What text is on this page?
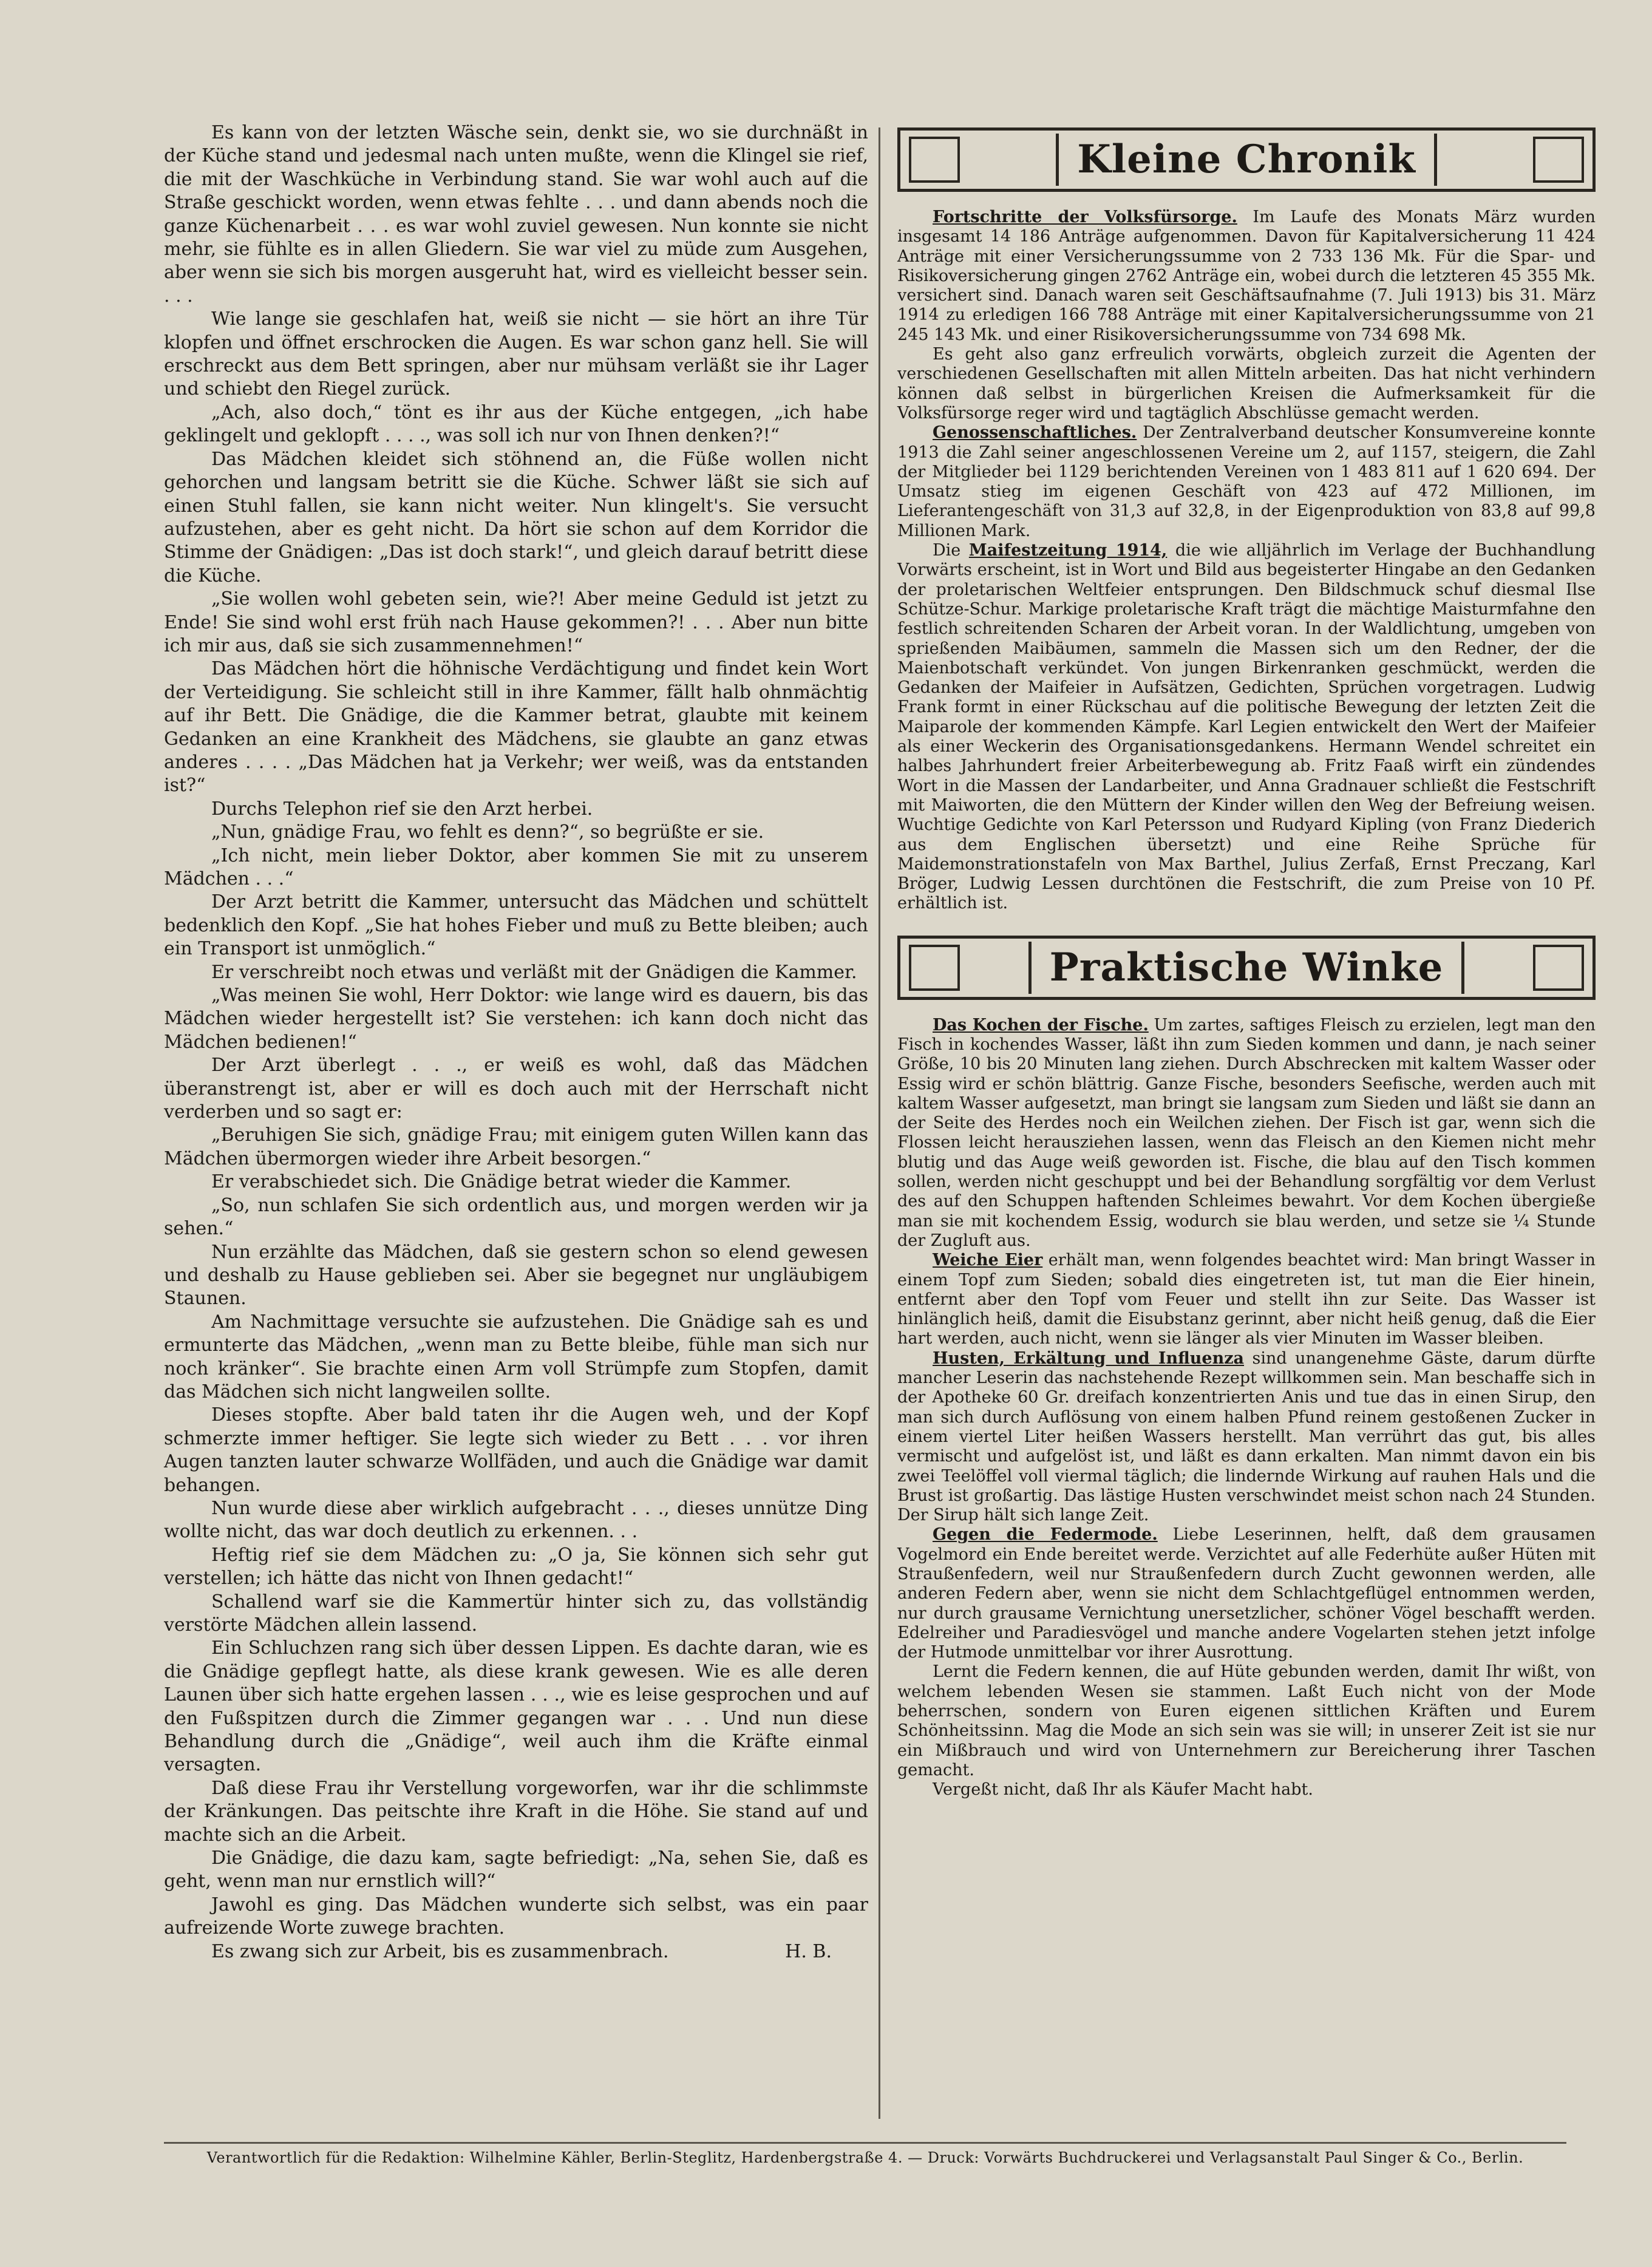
Es kann von der letzten Wäsche sein, denkt sie, wo sie durchnäßt in der Küche stand und jedesmal nach unten mußte, wenn die Klingel sie rief, die mit der Waschküche in Verbindung stand. Sie war wohl auch auf die Straße geschickt worden, wenn etwas fehlte . . . und dann abends noch die ganze Küchenarbeit . . . es war wohl zuviel gewesen. Nun konnte sie nicht mehr, sie fühlte es in allen Gliedern. Sie war viel zu müde zum Ausgehen, aber wenn sie sich bis morgen ausgeruht hat, wird es vielleicht besser sein. . . .

Wie lange sie geschlafen hat, weiß sie nicht — sie hört an ihre Tür klopfen und öffnet erschrocken die Augen. Es war schon ganz hell. Sie will erschreckt aus dem Bett springen, aber nur mühsam verläßt sie ihr Lager und schiebt den Riegel zurück.

„Ach, also doch,“ tönt es ihr aus der Küche entgegen, „ich habe geklingelt und geklopft . . . ., was soll ich nur von Ihnen denken?!“

Das Mädchen kleidet sich stöhnend an, die Füße wollen nicht gehorchen und langsam betritt sie die Küche. Schwer läßt sie sich auf einen Stuhl fallen, sie kann nicht weiter. Nun klingelt's. Sie versucht aufzustehen, aber es geht nicht. Da hört sie schon auf dem Korridor die Stimme der Gnädigen: „Das ist doch stark!“, und gleich darauf betritt diese die Küche.

„Sie wollen wohl gebeten sein, wie?! Aber meine Geduld ist jetzt zu Ende! Sie sind wohl erst früh nach Hause gekommen?! . . . Aber nun bitte ich mir aus, daß sie sich zusammennehmen!“

Das Mädchen hört die höhnische Verdächtigung und findet kein Wort der Verteidigung. Sie schleicht still in ihre Kammer, fällt halb ohnmächtig auf ihr Bett. Die Gnädige, die die Kammer betrat, glaubte mit keinem Gedanken an eine Krankheit des Mädchens, sie glaubte an ganz etwas anderes . . . . „Das Mädchen hat ja Verkehr; wer weiß, was da entstanden ist?“

Durchs Telephon rief sie den Arzt herbei.

„Nun, gnädige Frau, wo fehlt es denn?“, so begrüßte er sie.

„Ich nicht, mein lieber Doktor, aber kommen Sie mit zu unserem Mädchen . . .“

Der Arzt betritt die Kammer, untersucht das Mädchen und schüttelt bedenklich den Kopf. „Sie hat hohes Fieber und muß zu Bette bleiben; auch ein Transport ist unmöglich.“

Er verschreibt noch etwas und verläßt mit der Gnädigen die Kammer.

„Was meinen Sie wohl, Herr Doktor: wie lange wird es dauern, bis das Mädchen wieder hergestellt ist? Sie verstehen: ich kann doch nicht das Mädchen bedienen!“

Der Arzt überlegt . . ., er weiß es wohl, daß das Mädchen überanstrengt ist, aber er will es doch auch mit der Herrschaft nicht verderben und so sagt er:

„Beruhigen Sie sich, gnädige Frau; mit einigem guten Willen kann das Mädchen übermorgen wieder ihre Arbeit besorgen.“

Er verabschiedet sich. Die Gnädige betrat wieder die Kammer.

„So, nun schlafen Sie sich ordentlich aus, und morgen werden wir ja sehen.“

Nun erzählte das Mädchen, daß sie gestern schon so elend gewesen und deshalb zu Hause geblieben sei. Aber sie begegnet nur ungläubigem Staunen.

Am Nachmittage versuchte sie aufzustehen. Die Gnädige sah es und ermunterte das Mädchen, „wenn man zu Bette bleibe, fühle man sich nur noch kränker“. Sie brachte einen Arm voll Strümpfe zum Stopfen, damit das Mädchen sich nicht langweilen sollte.

Dieses stopfte. Aber bald taten ihr die Augen weh, und der Kopf schmerzte immer heftiger. Sie legte sich wieder zu Bett . . . vor ihren Augen tanzten lauter schwarze Wollfäden, und auch die Gnädige war damit behangen.

Nun wurde diese aber wirklich aufgebracht . . ., dieses unnütze Ding wollte nicht, das war doch deutlich zu erkennen. . .

Heftig rief sie dem Mädchen zu: „O ja, Sie können sich sehr gut verstellen; ich hätte das nicht von Ihnen gedacht!“

Schallend warf sie die Kammertür hinter sich zu, das vollständig verstörte Mädchen allein lassend.

Ein Schluchzen rang sich über dessen Lippen. Es dachte daran, wie es die Gnädige gepflegt hatte, als diese krank gewesen. Wie es alle deren Launen über sich hatte ergehen lassen . . ., wie es leise gesprochen und auf den Fußspitzen durch die Zimmer gegangen war . . . Und nun diese Behandlung durch die „Gnädige“, weil auch ihm die Kräfte einmal versagten.

Daß diese Frau ihr Verstellung vorgeworfen, war ihr die schlimmste der Kränkungen. Das peitschte ihre Kraft in die Höhe. Sie stand auf und machte sich an die Arbeit.

Die Gnädige, die dazu kam, sagte befriedigt: „Na, sehen Sie, daß es geht, wenn man nur ernstlich will?“

Jawohl es ging. Das Mädchen wunderte sich selbst, was ein paar aufreizende Worte zuwege brachten.

Es zwang sich zur Arbeit, bis es zusammenbrach.	H. B.

Kleine Chronik

Fortschritte der Volksfürsorge. Im Laufe des Monats März wurden insgesamt 14 186 Anträge aufgenommen. Davon für Kapitalversicherung 11 424 Anträge mit einer Versicherungssumme von 2 733 136 Mk. Für die Spar- und Risikoversicherung gingen 2762 Anträge ein, wobei durch die letzteren 45 355 Mk. versichert sind. Danach waren seit Geschäftsaufnahme (7. Juli 1913) bis 31. März 1914 zu erledigen 166 788 Anträge mit einer Kapitalversicherungssumme von 21 245 143 Mk. und einer Risikoversicherungssumme von 734 698 Mk.

Es geht also ganz erfreulich vorwärts, obgleich zurzeit die Agenten der verschiedenen Gesellschaften mit allen Mitteln arbeiten. Das hat nicht verhindern können daß selbst in bürgerlichen Kreisen die Aufmerksamkeit für die Volksfürsorge reger wird und tagtäglich Abschlüsse gemacht werden.

Genossenschaftliches. Der Zentralverband deutscher Konsumvereine konnte 1913 die Zahl seiner angeschlossenen Vereine um 2, auf 1157, steigern, die Zahl der Mitglieder bei 1129 berichtenden Vereinen von 1 483 811 auf 1 620 694. Der Umsatz stieg im eigenen Geschäft von 423 auf 472 Millionen, im Lieferantengeschäft von 31,3 auf 32,8, in der Eigenproduktion von 83,8 auf 99,8 Millionen Mark.

Die Maifestzeitung 1914, die wie alljährlich im Verlage der Buchhandlung Vorwärts erscheint, ist in Wort und Bild aus begeisterter Hingabe an den Gedanken der proletarischen Weltfeier entsprungen. Den Bildschmuck schuf diesmal Ilse Schütze-Schur. Markige proletarische Kraft trägt die mächtige Maisturmfahne den festlich schreitenden Scharen der Arbeit voran. In der Waldlichtung, umgeben von sprießenden Maibäumen, sammeln die Massen sich um den Redner, der die Maienbotschaft verkündet. Von jungen Birkenranken geschmückt, werden die Gedanken der Maifeier in Aufsätzen, Gedichten, Sprüchen vorgetragen. Ludwig Frank formt in einer Rückschau auf die politische Bewegung der letzten Zeit die Maiparole der kommenden Kämpfe. Karl Legien entwickelt den Wert der Maifeier als einer Weckerin des Organisationsgedankens. Hermann Wendel schreitet ein halbes Jahrhundert freier Arbeiterbewegung ab. Fritz Faaß wirft ein zündendes Wort in die Massen der Landarbeiter, und Anna Gradnauer schließt die Festschrift mit Maiworten, die den Müttern der Kinder willen den Weg der Befreiung weisen. Wuchtige Gedichte von Karl Petersson und Rudyard Kipling (von Franz Diederich aus dem Englischen übersetzt) und eine Reihe Sprüche für Maidemonstrationstafeln von Max Barthel, Julius Zerfaß, Ernst Preczang, Karl Bröger, Ludwig Lessen durchtönen die Festschrift, die zum Preise von 10 Pf. erhältlich ist.

Praktische Winke

Das Kochen der Fische. Um zartes, saftiges Fleisch zu erzielen, legt man den Fisch in kochendes Wasser, läßt ihn zum Sieden kommen und dann, je nach seiner Größe, 10 bis 20 Minuten lang ziehen. Durch Abschrecken mit kaltem Wasser oder Essig wird er schön blättrig. Ganze Fische, besonders Seefische, werden auch mit kaltem Wasser aufgesetzt, man bringt sie langsam zum Sieden und läßt sie dann an der Seite des Herdes noch ein Weilchen ziehen. Der Fisch ist gar, wenn sich die Flossen leicht herausziehen lassen, wenn das Fleisch an den Kiemen nicht mehr blutig und das Auge weiß geworden ist. Fische, die blau auf den Tisch kommen sollen, werden nicht geschuppt und bei der Behandlung sorgfältig vor dem Verlust des auf den Schuppen haftenden Schleimes bewahrt. Vor dem Kochen übergieße man sie mit kochendem Essig, wodurch sie blau werden, und setze sie ¼ Stunde der Zugluft aus.

Weiche Eier erhält man, wenn folgendes beachtet wird: Man bringt Wasser in einem Topf zum Sieden; sobald dies eingetreten ist, tut man die Eier hinein, entfernt aber den Topf vom Feuer und stellt ihn zur Seite. Das Wasser ist hinlänglich heiß, damit die Eisubstanz gerinnt, aber nicht heiß genug, daß die Eier hart werden, auch nicht, wenn sie länger als vier Minuten im Wasser bleiben.

Husten, Erkältung und Influenza sind unangenehme Gäste, darum dürfte mancher Leserin das nachstehende Rezept willkommen sein. Man beschaffe sich in der Apotheke 60 Gr. dreifach konzentrierten Anis und tue das in einen Sirup, den man sich durch Auflösung von einem halben Pfund reinem gestoßenen Zucker in einem viertel Liter heißen Wassers herstellt. Man verrührt das gut, bis alles vermischt und aufgelöst ist, und läßt es dann erkalten. Man nimmt davon ein bis zwei Teelöffel voll viermal täglich; die lindernde Wirkung auf rauhen Hals und die Brust ist großartig. Das lästige Husten verschwindet meist schon nach 24 Stunden. Der Sirup hält sich lange Zeit.

Gegen die Federmode. Liebe Leserinnen, helft, daß dem grausamen Vogelmord ein Ende bereitet werde. Verzichtet auf alle Federhüte außer Hüten mit Straußenfedern, weil nur Straußenfedern durch Zucht gewonnen werden, alle anderen Federn aber, wenn sie nicht dem Schlachtgeflügel entnommen werden, nur durch grausame Vernichtung unersetzlicher, schöner Vögel beschafft werden. Edelreiher und Paradiesvögel und manche andere Vogelarten stehen jetzt infolge der Hutmode unmittelbar vor ihrer Ausrottung.

Lernt die Federn kennen, die auf Hüte gebunden werden, damit Ihr wißt, von welchem lebenden Wesen sie stammen. Laßt Euch nicht von der Mode beherrschen, sondern von Euren eigenen sittlichen Kräften und Eurem Schönheitssinn. Mag die Mode an sich sein was sie will; in unserer Zeit ist sie nur ein Mißbrauch und wird von Unternehmern zur Bereicherung ihrer Taschen gemacht.

Vergeßt nicht, daß Ihr als Käufer Macht habt.

Verantwortlich für die Redaktion: Wilhelmine Kähler, Berlin-Steglitz, Hardenbergstraße 4. — Druck: Vorwärts Buchdruckerei und Verlagsanstalt Paul Singer & Co., Berlin.
